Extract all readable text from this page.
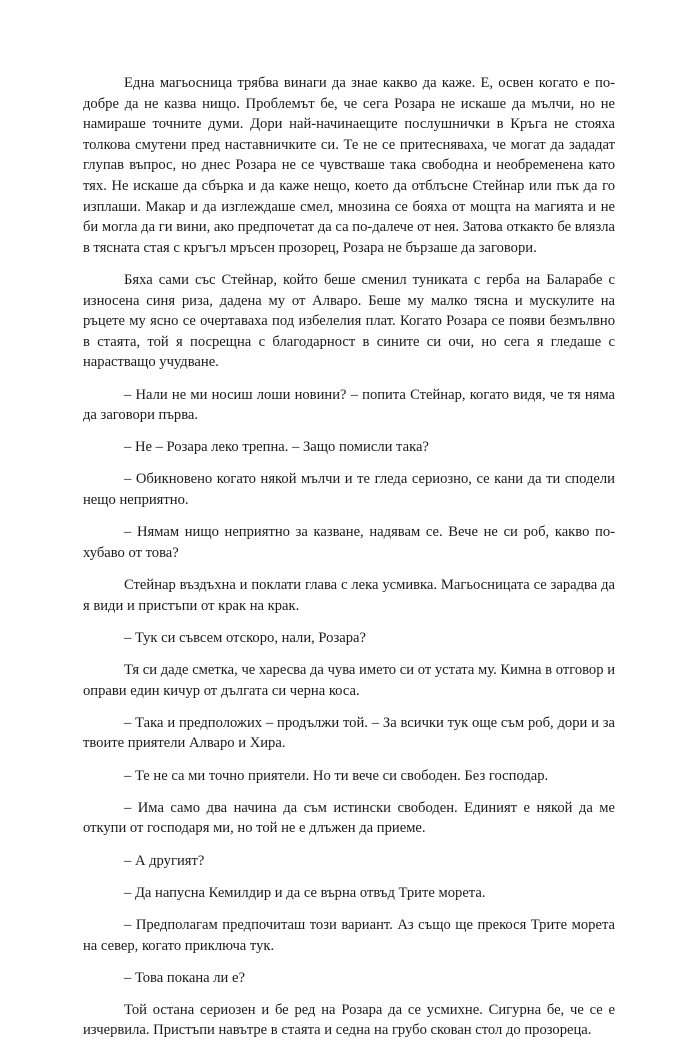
Една магьосница трябва винаги да знае какво да каже. Е, освен когато е по-добре да не казва нищо. Проблемът бе, че сега Розара не искаше да мълчи, но не намираше точните думи. Дори най-начинаещите послушнички в Кръга не стояха толкова смутени пред наставничките си. Те не се притесняваха, че могат да зададат глупав въпрос, но днес Розара не се чувстваше така свободна и необременена като тях. Не искаше да сбърка и да каже нещо, което да отблъсне Стейнар или пък да го изплаши. Макар и да изглеждаше смел, мнозина се бояха от мощта на магията и не би могла да ги вини, ако предпочетат да са по-далече от нея. Затова откакто бе влязла в тясната стая с кръгъл мръсен прозорец, Розара не бързаше да заговори.

Бяха сами със Стейнар, който беше сменил туниката с герба на Баларабе с износена синя риза, дадена му от Алваро. Беше му малко тясна и мускулите на ръцете му ясно се очертаваха под избелелия плат. Когато Розара се появи безмълвно в стаята, той я посрещна с благодарност в сините си очи, но сега я гледаше с нарастващо учудване.

– Нали не ми носиш лоши новини? – попита Стейнар, когато видя, че тя няма да заговори първа.

– Не – Розара леко трепна. – Защо помисли така?

– Обикновено когато някой мълчи и те гледа сериозно, се кани да ти сподели нещо неприятно.

– Нямам нищо неприятно за казване, надявам се. Вече не си роб, какво по-хубаво от това?

Стейнар въздъхна и поклати глава с лека усмивка. Магьосницата се зарадва да я види и пристъпи от крак на крак.

– Тук си съвсем отскоро, нали, Розара?

Тя си даде сметка, че харесва да чува името си от устата му. Кимна в отговор и оправи един кичур от дългата си черна коса.

– Така и предположих – продължи той. – За всички тук още съм роб, дори и за твоите приятели Алваро и Хира.

– Те не са ми точно приятели. Но ти вече си свободен. Без господар.

– Има само два начина да съм истински свободен. Единият е някой да ме откупи от господаря ми, но той не е длъжен да приеме.

– А другият?

– Да напусна Кемилдир и да се върна отвъд Трите морета.

– Предполагам предпочиташ този вариант. Аз също ще прекося Трите морета на север, когато приключа тук.

– Това покана ли е?

Той остана сериозен и бе ред на Розара да се усмихне. Сигурна бе, че се е изчервила. Пристъпи навътре в стаята и седна на грубо скован стол до прозореца.
